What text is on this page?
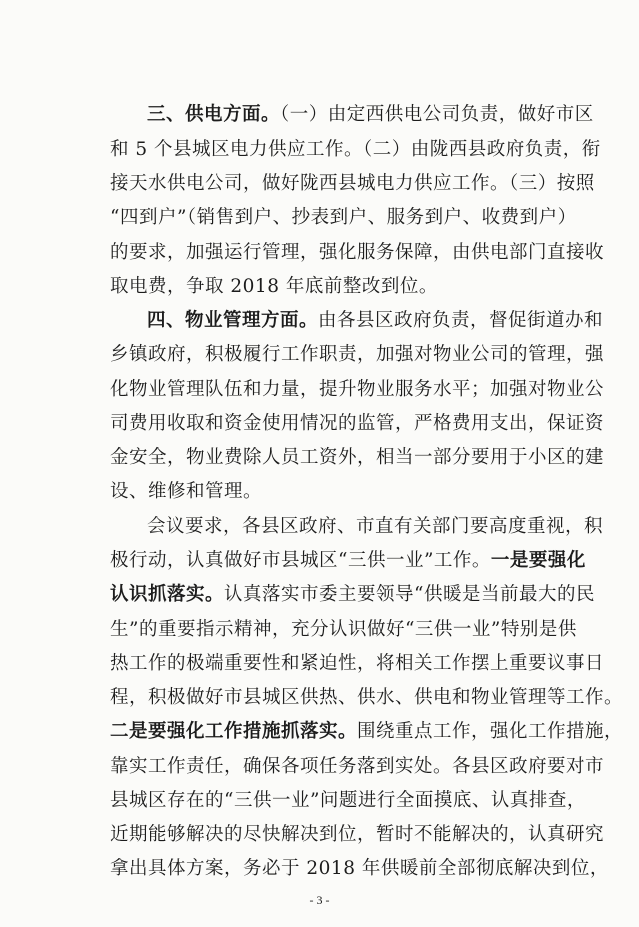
三、供电方面。（一）由定西供电公司负责，做好市区
和 5 个县城区电力供应工作。（二）由陇西县政府负责，衔
接天水供电公司，做好陇西县城电力供应工作。（三）按照
“四到户”（销售到户、抄表到户、服务到户、收费到户）
的要求，加强运行管理，强化服务保障，由供电部门直接收
取电费，争取 2018 年底前整改到位。
四、物业管理方面。由各县区政府负责，督促街道办和
乡镇政府，积极履行工作职责，加强对物业公司的管理，强
化物业管理队伍和力量，提升物业服务水平；加强对物业公
司费用收取和资金使用情况的监管，严格费用支出，保证资
金安全，物业费除人员工资外，相当一部分要用于小区的建
设、维修和管理。
会议要求，各县区政府、市直有关部门要高度重视，积
极行动，认真做好市县城区“三供一业”工作。一是要强化
认识抓落实。认真落实市委主要领导“供暖是当前最大的民
生”的重要指示精神，充分认识做好“三供一业”特别是供
热工作的极端重要性和紧迫性，将相关工作摆上重要议事日
程，积极做好市县城区供热、供水、供电和物业管理等工作。
二是要强化工作措施抓落实。围绕重点工作，强化工作措施，
靠实工作责任，确保各项任务落到实处。各县区政府要对市
县城区存在的“三供一业”问题进行全面摸底、认真排查，
近期能够解决的尽快解决到位，暂时不能解决的，认真研究
拿出具体方案，务必于 2018 年供暖前全部彻底解决到位，
- 3 -
